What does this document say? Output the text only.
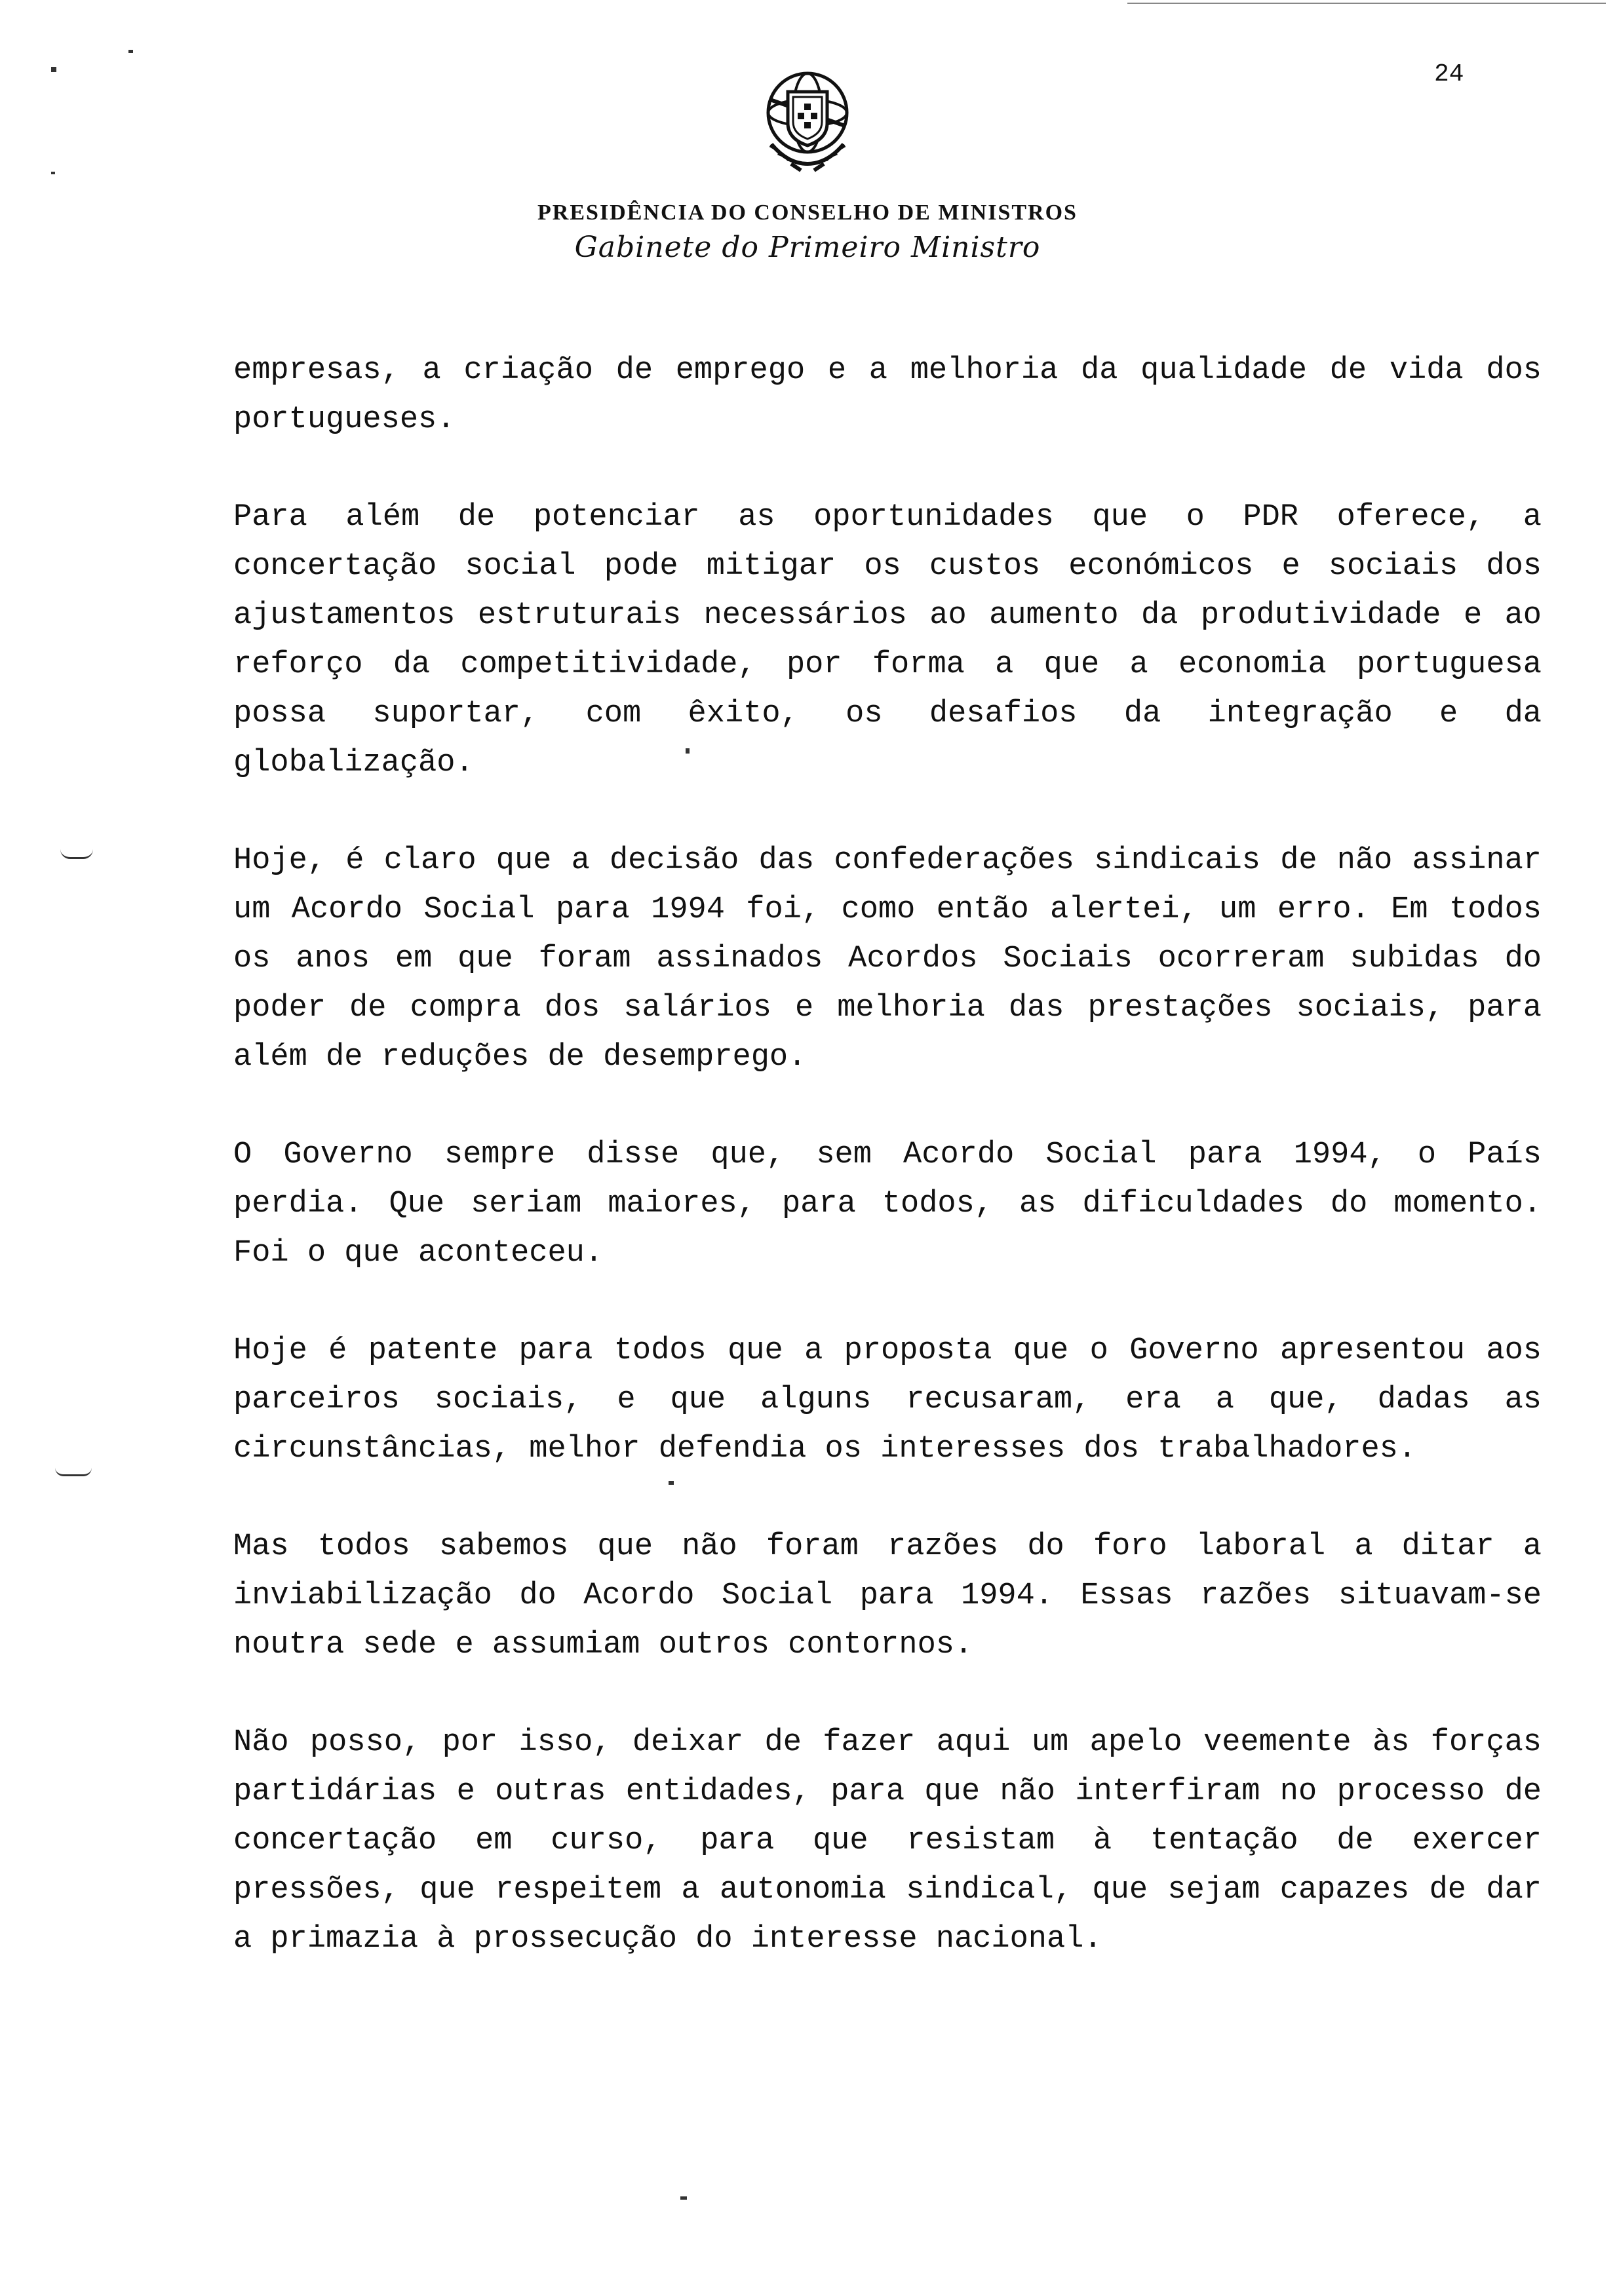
24
PRESIDÊNCIA DO CONSELHO DE MINISTROS
Gabinete do Primeiro Ministro

empresas, a criação de emprego e a melhoria da qualidade de vida dos portugueses.

Para além de potenciar as oportunidades que o PDR oferece, a concertação social pode mitigar os custos económicos e sociais dos ajustamentos estruturais necessários ao aumento da produtividade e ao reforço da competitividade, por forma a que a economia portuguesa possa suportar, com êxito, os desafios da integração e da globalização.

Hoje, é claro que a decisão das confederações sindicais de não assinar um Acordo Social para 1994 foi, como então alertei, um erro. Em todos os anos em que foram assinados Acordos Sociais ocorreram subidas do poder de compra dos salários e melhoria das prestações sociais, para além de reduções de desemprego.

O Governo sempre disse que, sem Acordo Social para 1994, o País perdia. Que seriam maiores, para todos, as dificuldades do momento. Foi o que aconteceu.

Hoje é patente para todos que a proposta que o Governo apresentou aos parceiros sociais, e que alguns recusaram, era a que, dadas as circunstâncias, melhor defendia os interesses dos trabalhadores.

Mas todos sabemos que não foram razões do foro laboral a ditar a inviabilização do Acordo Social para 1994. Essas razões situavam-se noutra sede e assumiam outros contornos.

Não posso, por isso, deixar de fazer aqui um apelo veemente às forças partidárias e outras entidades, para que não interfiram no processo de concertação em curso, para que resistam à tentação de exercer pressões, que respeitem a autonomia sindical, que sejam capazes de dar a primazia à prossecução do interesse nacional.
